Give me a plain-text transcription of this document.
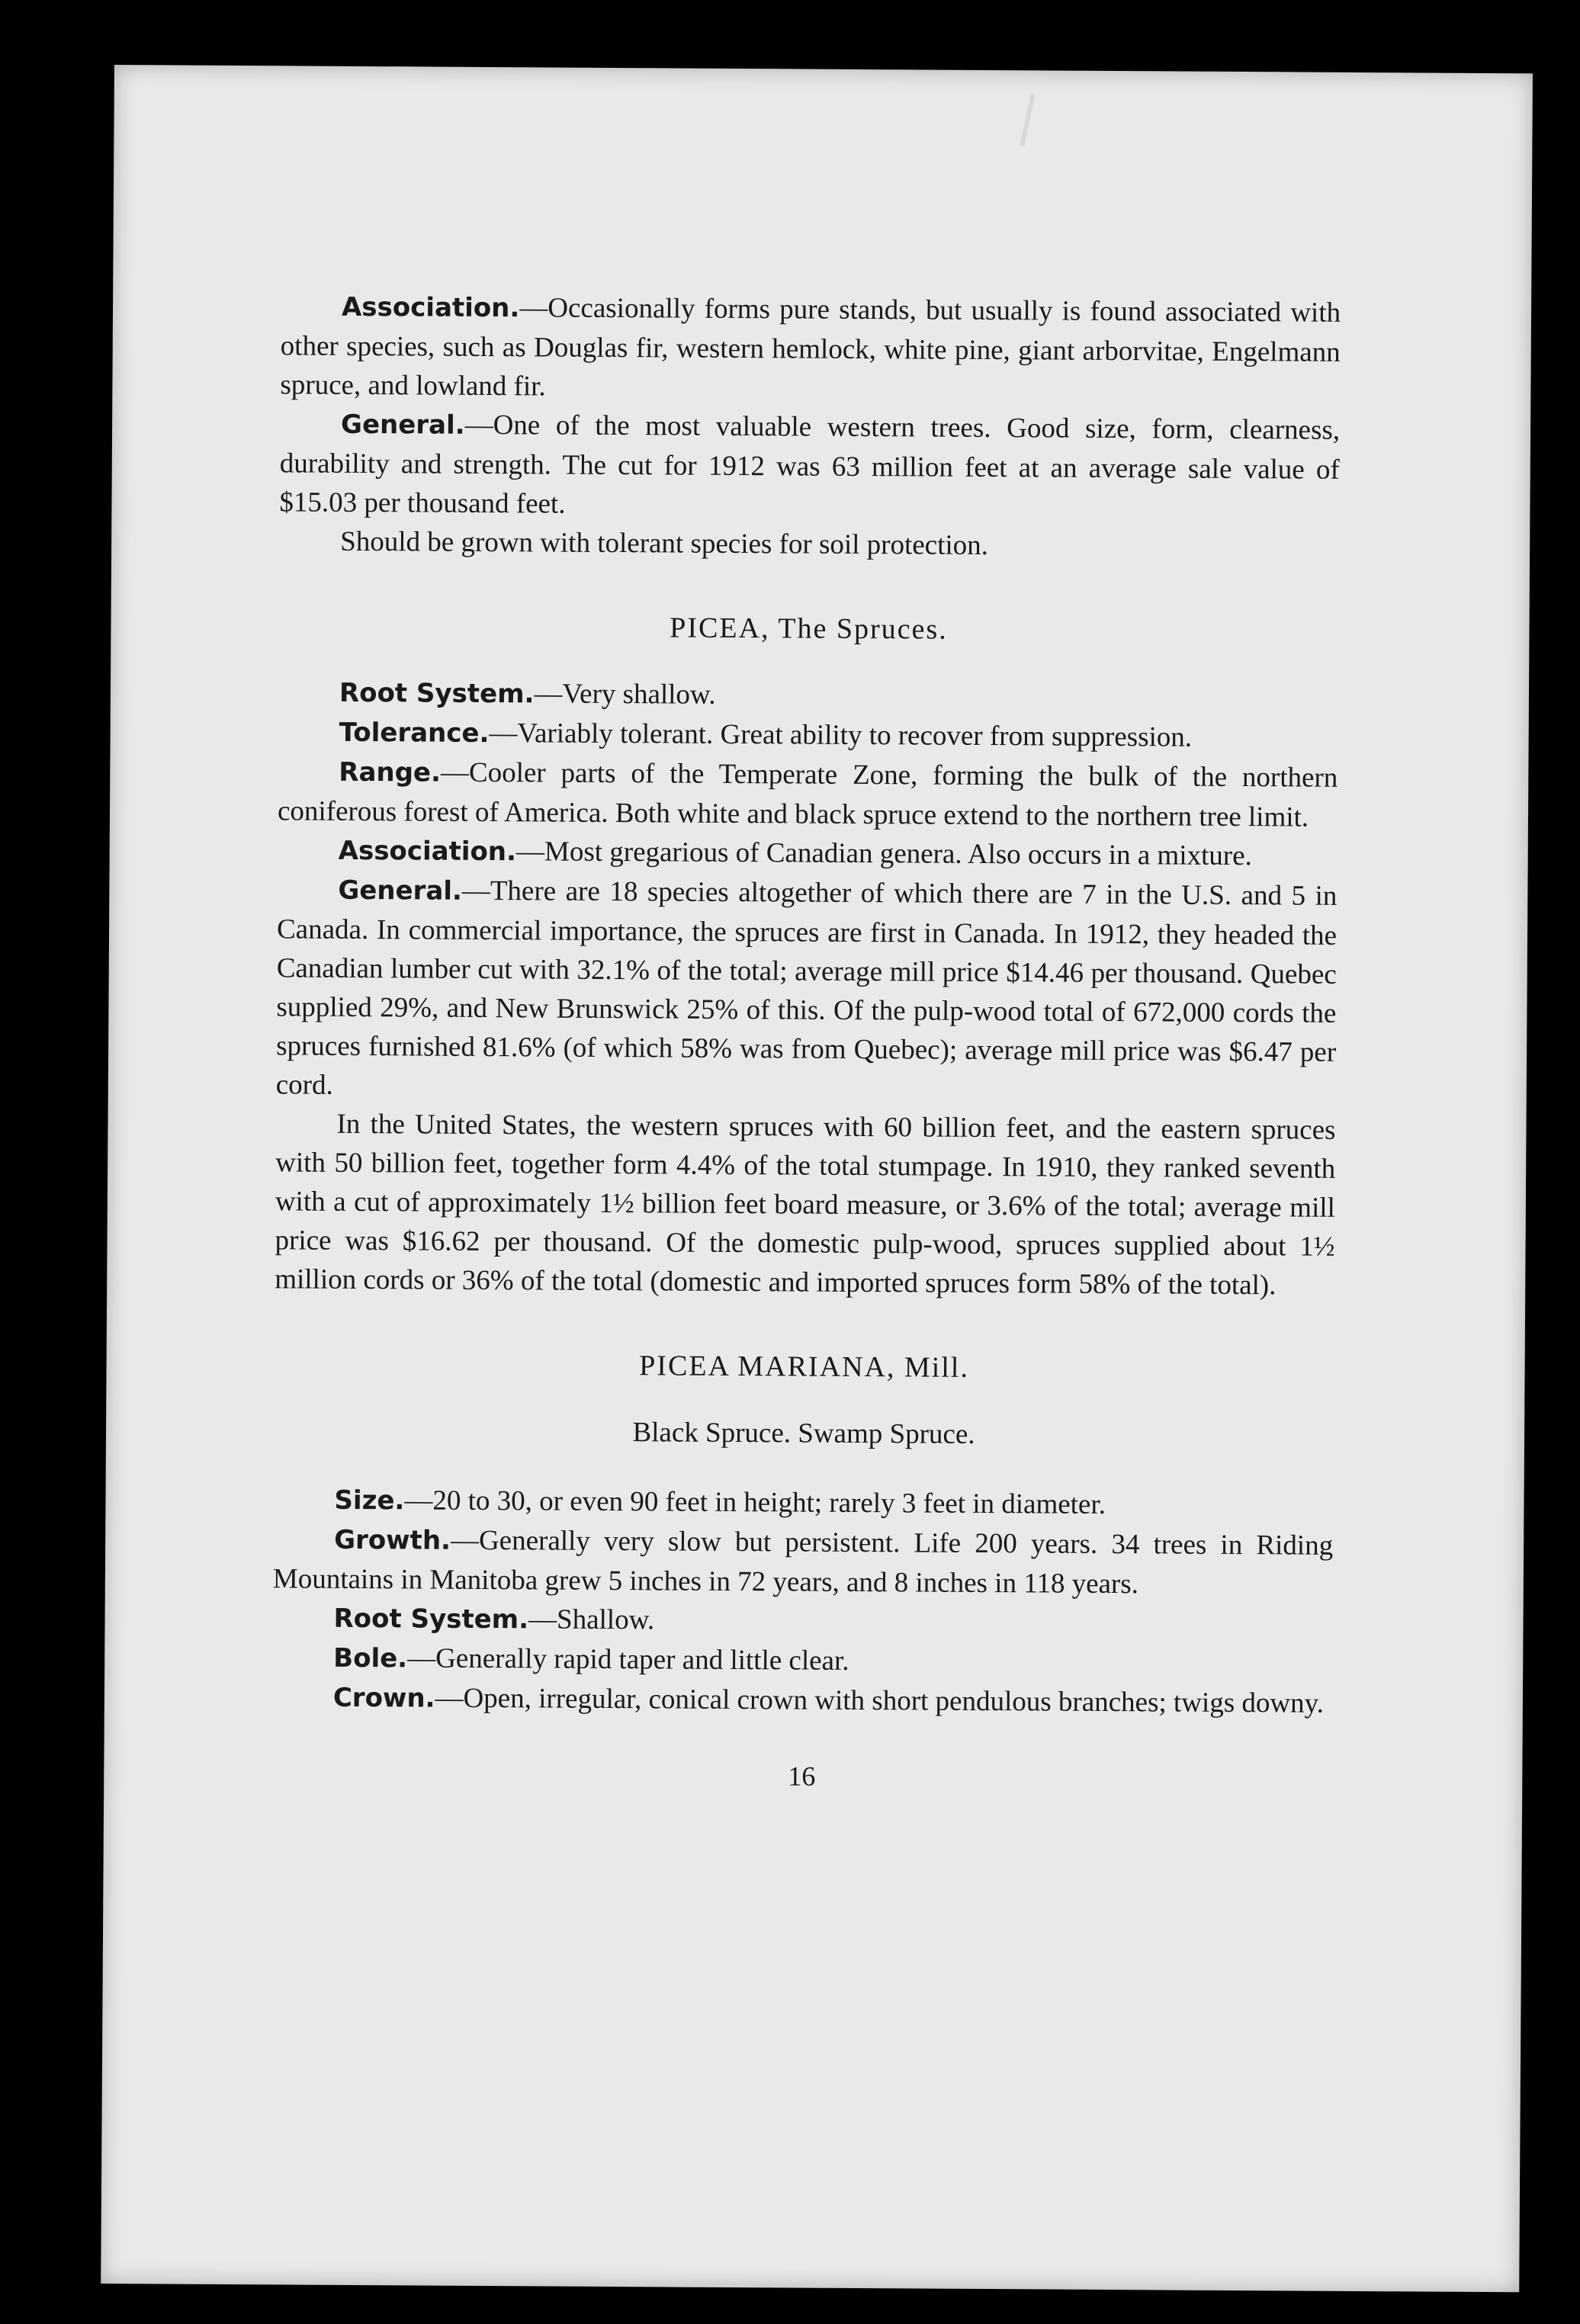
Association.—Occasionally forms pure stands, but usually is found associated with other species, such as Douglas fir, western hemlock, white pine, giant arborvitae, Engelmann spruce, and lowland fir.

General.—One of the most valuable western trees. Good size, form, clearness, durability and strength. The cut for 1912 was 63 million feet at an average sale value of $15.03 per thousand feet.

Should be grown with tolerant species for soil protection.

PICEA, The Spruces.

Root System.—Very shallow.

Tolerance.—Variably tolerant. Great ability to recover from suppression.

Range.—Cooler parts of the Temperate Zone, forming the bulk of the northern coniferous forest of America. Both white and black spruce extend to the northern tree limit.

Association.—Most gregarious of Canadian genera. Also occurs in a mixture.

General.—There are 18 species altogether of which there are 7 in the U.S. and 5 in Canada. In commercial importance, the spruces are first in Canada. In 1912, they headed the Canadian lumber cut with 32.1% of the total; average mill price $14.46 per thousand. Quebec supplied 29%, and New Brunswick 25% of this. Of the pulp-wood total of 672,000 cords the spruces furnished 81.6% (of which 58% was from Quebec); average mill price was $6.47 per cord.

In the United States, the western spruces with 60 billion feet, and the eastern spruces with 50 billion feet, together form 4.4% of the total stumpage. In 1910, they ranked seventh with a cut of approximately 1½ billion feet board measure, or 3.6% of the total; average mill price was $16.62 per thousand. Of the domestic pulp-wood, spruces supplied about 1½ million cords or 36% of the total (domestic and imported spruces form 58% of the total).

PICEA MARIANA, Mill.
Black Spruce. Swamp Spruce.

Size.—20 to 30, or even 90 feet in height; rarely 3 feet in diameter.

Growth.—Generally very slow but persistent. Life 200 years. 34 trees in Riding Mountains in Manitoba grew 5 inches in 72 years, and 8 inches in 118 years.

Root System.—Shallow.

Bole.—Generally rapid taper and little clear.

Crown.—Open, irregular, conical crown with short pendulous branches; twigs downy.

16
